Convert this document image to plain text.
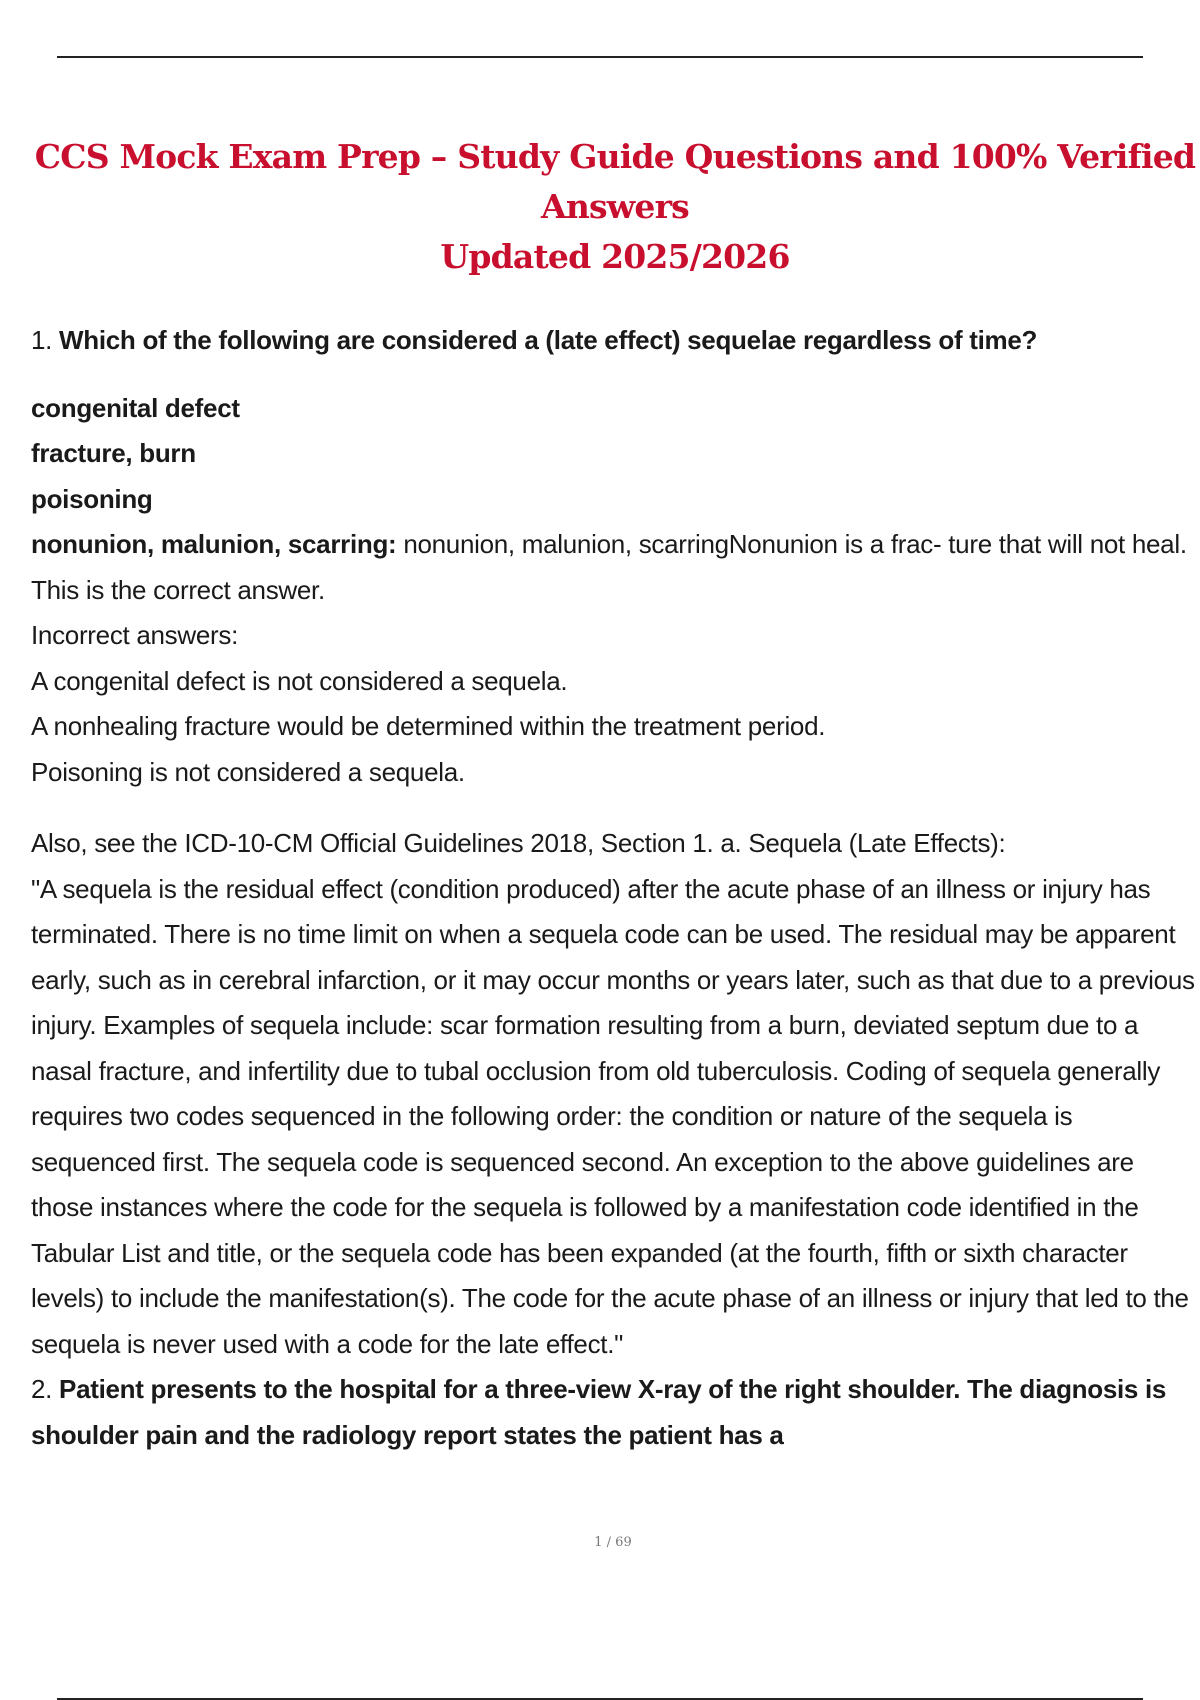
CCS Mock Exam Prep – Study Guide Questions and 100% Verified Answers
Updated 2025/2026

1. Which of the following are considered a (late effect) sequelae regardless of time?

congenital defect

fracture, burn

poisoning

nonunion, malunion, scarring: nonunion, malunion, scarringNonunion is a frac- ture that will not heal. This is the correct answer.

Incorrect answers:

A congenital defect is not considered a sequela.

A nonhealing fracture would be determined within the treatment period.

Poisoning is not considered a sequela.

Also, see the ICD-10-CM Official Guidelines 2018, Section 1. a. Sequela (Late Effects):

"A sequela is the residual effect (condition produced) after the acute phase of an illness or injury has terminated. There is no time limit on when a sequela code can be used. The residual may be apparent early, such as in cerebral infarction, or it may occur months or years later, such as that due to a previous injury. Examples of sequela include: scar formation resulting from a burn, deviated septum due to a nasal fracture, and infertility due to tubal occlusion from old tuberculosis. Coding of sequela generally requires two codes sequenced in the following order: the condition or nature of the sequela is sequenced first. The sequela code is sequenced second. An exception to the above guidelines are those instances where the code for the sequela is followed by a manifestation code identified in the Tabular List and title, or the sequela code has been expanded (at the fourth, fifth or sixth character levels) to include the manifestation(s). The code for the acute phase of an illness or injury that led to the sequela is never used with a code for the late effect."

2. Patient presents to the hospital for a three-view X-ray of the right shoulder. The diagnosis is shoulder pain and the radiology report states the patient has a

1 / 69
